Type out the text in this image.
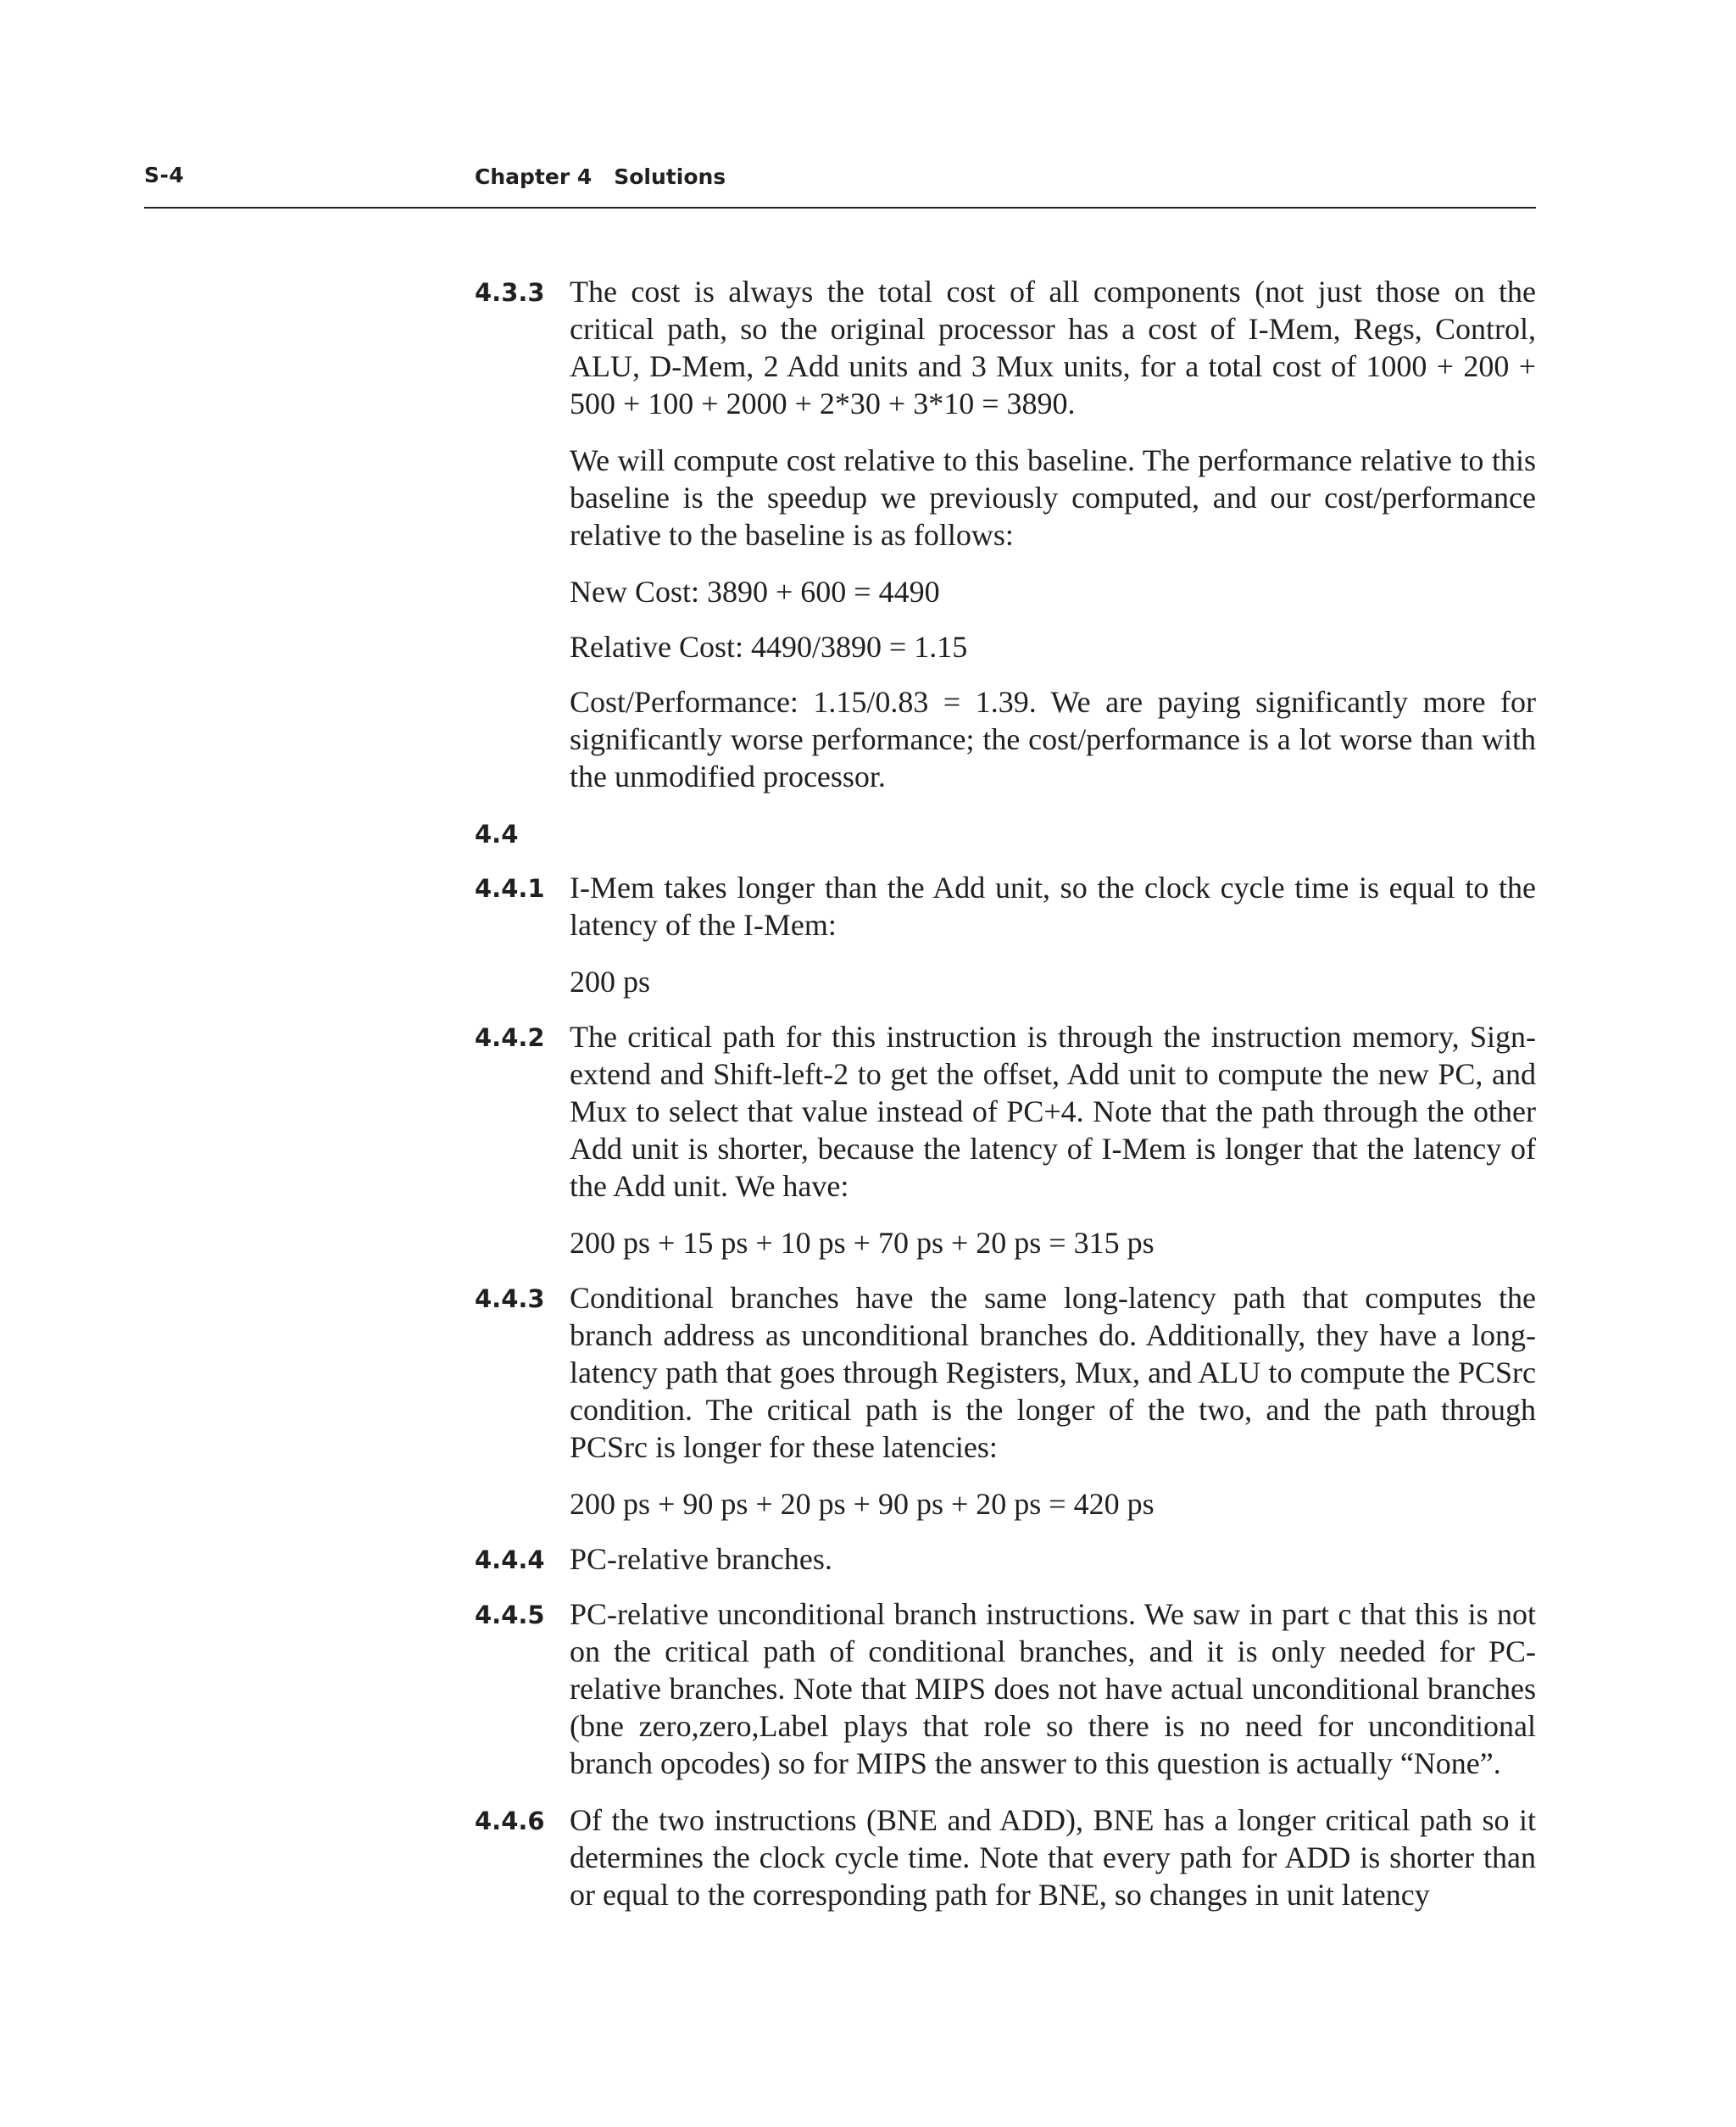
S-4	Chapter 4 Solutions
4.3.3 The cost is always the total cost of all components (not just those on the critical path, so the original processor has a cost of I-Mem, Regs, Control, ALU, D-Mem, 2 Add units and 3 Mux units, for a total cost of 1000 + 200 + 500 + 100 + 2000 + 2*30 + 3*10 = 3890.

We will compute cost relative to this baseline. The performance relative to this baseline is the speedup we previously computed, and our cost/performance relative to the baseline is as follows:

New Cost: 3890 + 600 = 4490

Relative Cost: 4490/3890 = 1.15

Cost/Performance: 1.15/0.83 = 1.39. We are paying significantly more for significantly worse performance; the cost/performance is a lot worse than with the unmodified processor.

4.4
4.4.1 I-Mem takes longer than the Add unit, so the clock cycle time is equal to the latency of the I-Mem:

200 ps

4.4.2 The critical path for this instruction is through the instruction memory, Sign-extend and Shift-left-2 to get the offset, Add unit to compute the new PC, and Mux to select that value instead of PC+4. Note that the path through the other Add unit is shorter, because the latency of I-Mem is longer that the latency of the Add unit. We have:

200 ps + 15 ps + 10 ps + 70 ps + 20 ps = 315 ps

4.4.3 Conditional branches have the same long-latency path that computes the branch address as unconditional branches do. Additionally, they have a long-latency path that goes through Registers, Mux, and ALU to compute the PCSrc condition. The critical path is the longer of the two, and the path through PCSrc is longer for these latencies:

200 ps + 90 ps + 20 ps + 90 ps + 20 ps = 420 ps

4.4.4 PC-relative branches.

4.4.5 PC-relative unconditional branch instructions. We saw in part c that this is not on the critical path of conditional branches, and it is only needed for PC-relative branches. Note that MIPS does not have actual unconditional branches (bne zero,zero,Label plays that role so there is no need for unconditional branch opcodes) so for MIPS the answer to this question is actually “None”.

4.4.6 Of the two instructions (BNE and ADD), BNE has a longer critical path so it determines the clock cycle time. Note that every path for ADD is shorter than or equal to the corresponding path for BNE, so changes in unit latency
